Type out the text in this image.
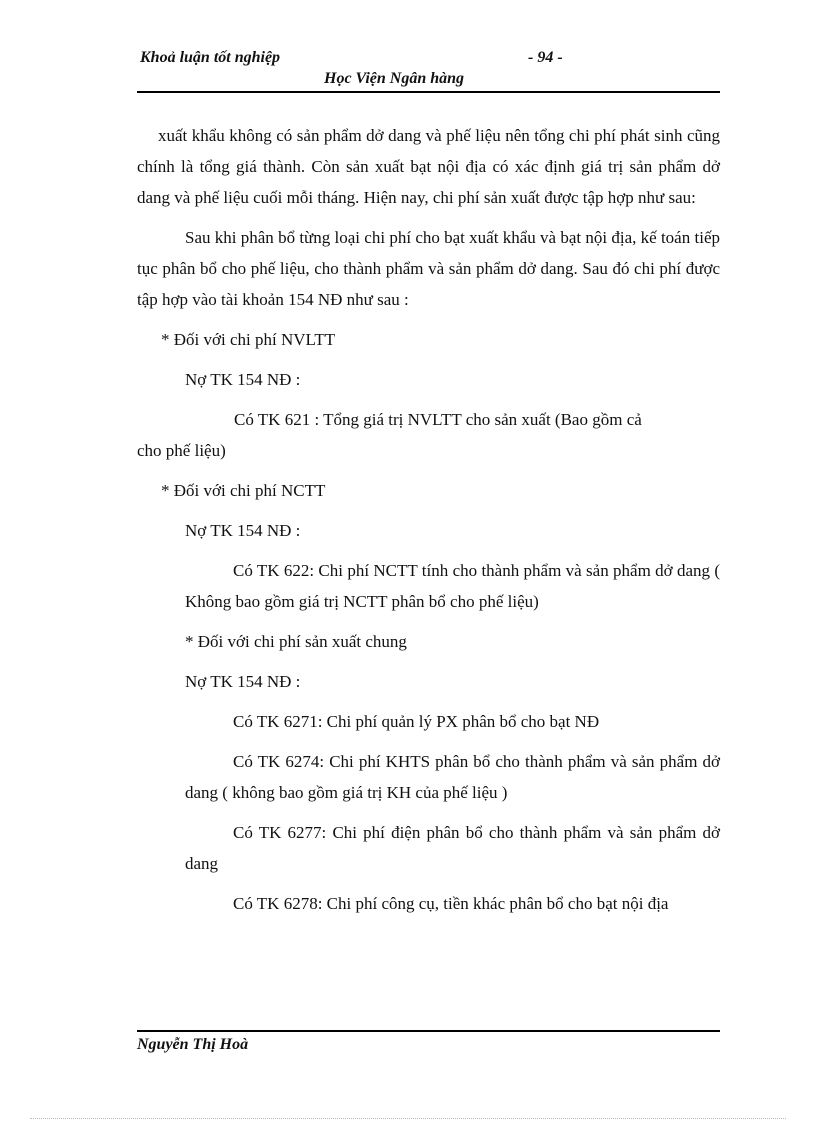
Khoả luận tốt nghiệp	- 94 -
Học Viện Ngân hàng

xuất khẩu không có sản phẩm dở dang và phế liệu nên tổng chi phí phát sinh cũng chính là tổng giá thành. Còn sản xuất bạt nội địa có xác định giá trị sản phẩm dở dang và phế liệu cuối mỗi tháng. Hiện nay, chi phí sản xuất được tập hợp như sau:

Sau khi phân bổ từng loại chi phí cho bạt xuất khẩu và bạt nội địa, kế toán tiếp tục phân bổ cho phế liệu, cho thành phẩm và sản phẩm dở dang. Sau đó chi phí được tập hợp vào tài khoản 154 NĐ như sau :

* Đối với chi phí NVLTT

Nợ TK 154 NĐ :

Có TK 621 : Tổng giá trị NVLTT cho sản xuất (Bao gồm cả

cho phế liệu)

* Đối với chi phí NCTT

Nợ TK 154 NĐ :

Có TK 622: Chi phí NCTT tính cho thành phẩm và sản phẩm dở dang ( Không bao gồm giá trị NCTT phân bổ cho phế liệu)

* Đối với chi phí sản xuất chung

Nợ TK 154 NĐ :

Có TK 6271: Chi phí quản lý PX phân bổ cho bạt NĐ

Có TK 6274: Chi phí KHTS phân bổ cho thành phẩm và sản phẩm dở dang ( không bao gồm giá trị KH của phế liệu )

Có TK 6277: Chi phí điện phân bổ cho thành phẩm và sản phẩm dở dang

Có TK 6278: Chi phí công cụ, tiền khác phân bổ cho bạt nội địa

Nguyễn Thị Hoà
